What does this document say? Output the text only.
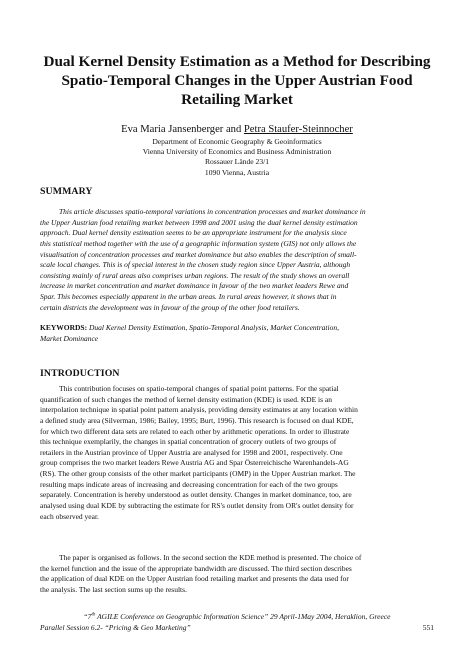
Dual Kernel Density Estimation as a Method for Describing
Spatio-Temporal Changes in the Upper Austrian Food
Retailing Market
Eva Maria Jansenberger and Petra Staufer-Steinnocher
Department of Economic Geography & Geoinformatics
Vienna University of Economics and Business Administration
Rossauer Lände 23/1
1090 Vienna, Austria
SUMMARY
This article discusses spatio-temporal variations in concentration processes and market dominance in
the Upper Austrian food retailing market between 1998 and 2001 using the dual kernel density estimation
approach. Dual kernel density estimation seems to be an appropriate instrument for the analysis since
this statistical method together with the use of a geographic information system (GIS) not only allows the
visualisation of concentration processes and market dominance but also enables the description of small-
scale local changes. This is of special interest in the chosen study region since Upper Austria, although
consisting mainly of rural areas also comprises urban regions. The result of the study shows an overall
increase in market concentration and market dominance in favour of the two market leaders Rewe and
Spar. This becomes especially apparent in the urban areas. In rural areas however, it shows that in
certain districts the development was in favour of the group of the other food retailers.
KEYWORDS: Dual Kernel Density Estimation, Spatio-Temporal Analysis, Market Concentration,
Market Dominance
INTRODUCTION
This contribution focuses on spatio-temporal changes of spatial point patterns. For the spatial
quantification of such changes the method of kernel density estimation (KDE) is used. KDE is an
interpolation technique in spatial point pattern analysis, providing density estimates at any location within
a defined study area (Silverman, 1986; Bailey, 1995; Burt, 1996). This research is focused on dual KDE,
for which two different data sets are related to each other by arithmetic operations. In order to illustrate
this technique exemplarily, the changes in spatial concentration of grocery outlets of two groups of
retailers in the Austrian province of Upper Austria are analysed for 1998 and 2001, respectively. One
group comprises the two market leaders Rewe Austria AG and Spar Österreichische Warenhandels-AG
(RS). The other group consists of the other market participants (OMP) in the Upper Austrian market. The
resulting maps indicate areas of increasing and decreasing concentration for each of the two groups
separately. Concentration is hereby understood as outlet density. Changes in market dominance, too, are
analysed using dual KDE by subtracting the estimate for RS's outlet density from OR's outlet density for
each observed year.
The paper is organised as follows. In the second section the KDE method is presented. The choice of
the kernel function and the issue of the appropriate bandwidth are discussed. The third section describes
the application of dual KDE on the Upper Austrian food retailing market and presents the data used for
the analysis. The last section sums up the results.
“7th AGILE Conference on Geographic Information Science” 29 April-1May 2004, Heraklion, Greece
Parallel Session 6.2- “Pricing & Geo Marketing”	551
